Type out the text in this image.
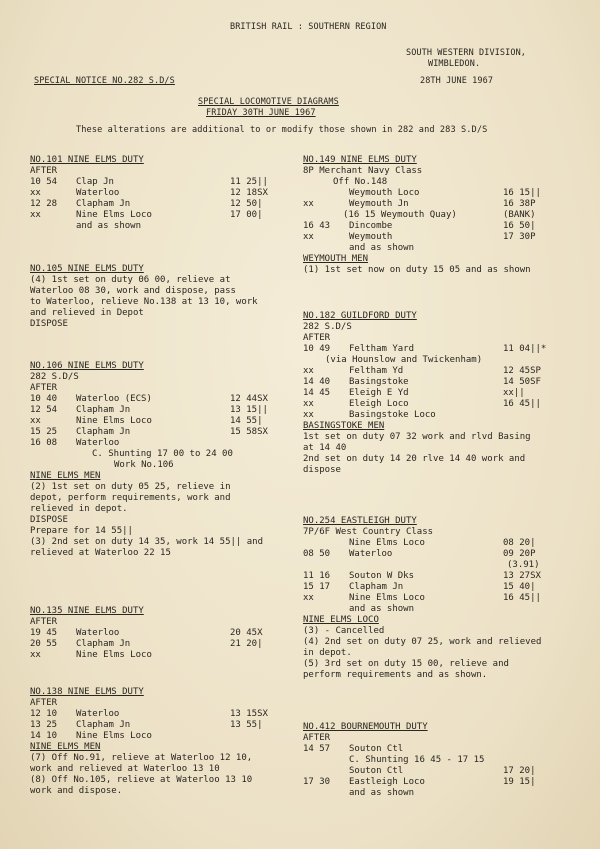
BRITISH RAIL : SOUTHERN REGION
SOUTH WESTERN DIVISION,
WIMBLEDON.
SPECIAL NOTICE NO.282 S.D/S	28TH JUNE 1967
SPECIAL LOCOMOTIVE DIAGRAMS
FRIDAY 30TH JUNE 1967
These alterations are additional to or modify those shown in 282 and 283 S.D/S
NO.101 NINE ELMS DUTY
AFTER
10 54 Clap Jn	11 25||
xx	Waterloo	12 18SX
12 28 Clapham Jn	12 50|
xx	Nine Elms Loco	17 00|
and as shown
NO.105 NINE ELMS DUTY
(4) 1st set on duty 06 00, relieve at
Waterloo 08 30, work and dispose, pass
to Waterloo, relieve No.138 at 13 10, work
and relieved in Depot
DISPOSE
NO.106 NINE ELMS DUTY
282 S.D/S
AFTER
10 40 Waterloo (ECS)	12 44SX
12 54 Clapham Jn	13 15||
xx	Nine Elms Loco	14 55|
15 25 Clapham Jn	15 58SX
16 08 Waterloo
C. Shunting 17 00 to 24 00
Work No.106
NINE ELMS MEN
(2) 1st set on duty 05 25, relieve in
depot, perform requirements, work and
relieved in depot.
DISPOSE
Prepare for 14 55||
(3) 2nd set on duty 14 35, work 14 55|| and
relieved at Waterloo 22 15
NO.135 NINE ELMS DUTY
AFTER
19 45 Waterloo	20 45X
20 55 Clapham Jn	21 20|
xx	Nine Elms Loco
NO.138 NINE ELMS DUTY
AFTER
12 10 Waterloo	13 15SX
13 25 Clapham Jn	13 55|
14 10 Nine Elms Loco
NINE ELMS MEN
(7) Off No.91, relieve at Waterloo 12 10,
work and relieved at Waterloo 13 10
(8) Off No.105, relieve at Waterloo 13 10
work and dispose.
NO.149 NINE ELMS DUTY
8P Merchant Navy Class
Off No.148
Weymouth Loco	16 15||
xx	Weymouth Jn	16 38P
(16 15 Weymouth Quay)	(BANK)
16 43 Dincombe	16 50|
xx	Weymouth	17 30P
and as shown
WEYMOUTH MEN
(1) 1st set now on duty 15 05 and as shown
NO.182 GUILDFORD DUTY
282 S.D/S
AFTER
10 49 Feltham Yard	11 04||*
(via Hounslow and Twickenham)
xx	Feltham Yd	12 45SP
14 40 Basingstoke	14 50SF
14 45 Eleigh E Yd	xx||
xx	Eleigh Loco	16 45||
xx	Basingstoke Loco
BASINGSTOKE MEN
1st set on duty 07 32 work and rlvd Basing
at 14 40
2nd set on duty 14 20 rlve 14 40 work and
dispose
NO.254 EASTLEIGH DUTY
7P/6F West Country Class
Nine Elms Loco	08 20|
08 50 Waterloo	09 20P
(3.91)
11 16 Souton W Dks	13 27SX
15 17 Clapham Jn	15 40|
xx	Nine Elms Loco	16 45||
and as shown
NINE ELMS LOCO
(3) - Cancelled
(4) 2nd set on duty 07 25, work and relieved
in depot.
(5) 3rd set on duty 15 00, relieve and
perform requirements and as shown.
NO.412 BOURNEMOUTH DUTY
AFTER
14 57 Souton Ctl
C. Shunting 16 45 - 17 15
Souton Ctl	17 20|
17 30 Eastleigh Loco	19 15|
and as shown
